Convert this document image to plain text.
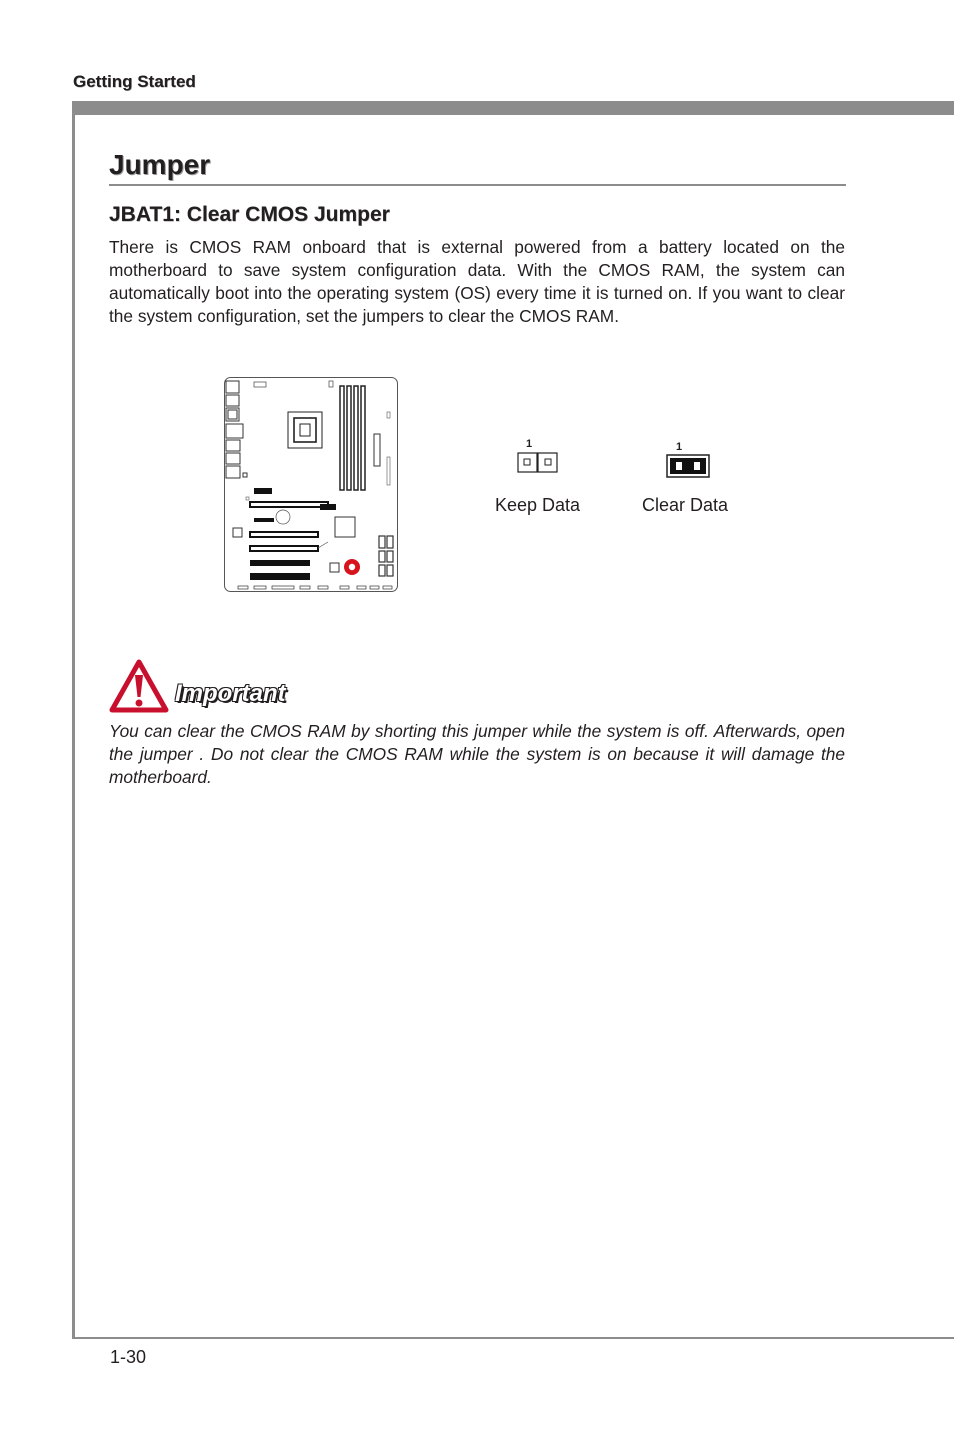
Getting Started
Jumper
JBAT1: Clear CMOS Jumper

There is CMOS RAM onboard that is external powered from a battery located on the motherboard to save system configuration data. With the CMOS RAM, the system can automatically boot into the operating system (OS) every time it is turned on. If you want to clear the system configuration, set the jumpers to clear the CMOS RAM.

1
Keep Data
1
Clear Data
Important

You can clear the CMOS RAM by shorting this jumper while the system is off. Afterwards, open the jumper . Do not clear the CMOS RAM while the system is on because it will damage the motherboard.

1-30
